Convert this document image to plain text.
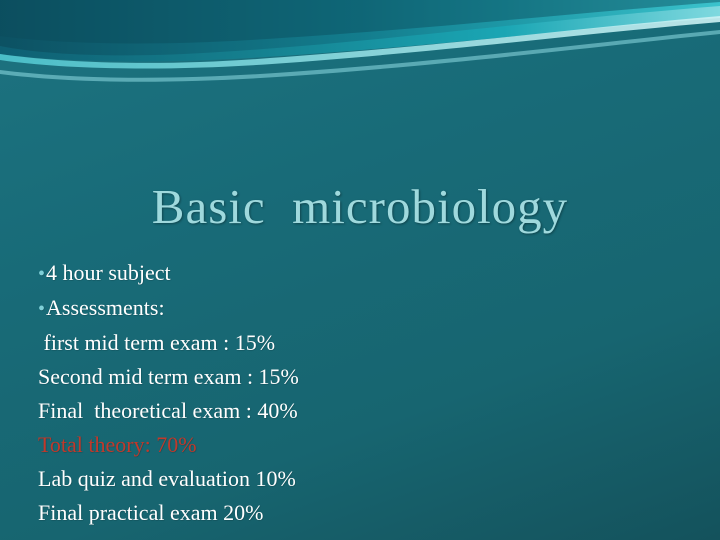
Basic  microbiology
•4 hour subject
•Assessments:
first mid term exam : 15%
Second mid term exam : 15%
Final  theoretical exam : 40%
Total theory: 70%
Lab quiz and evaluation 10%
Final practical exam 20%
